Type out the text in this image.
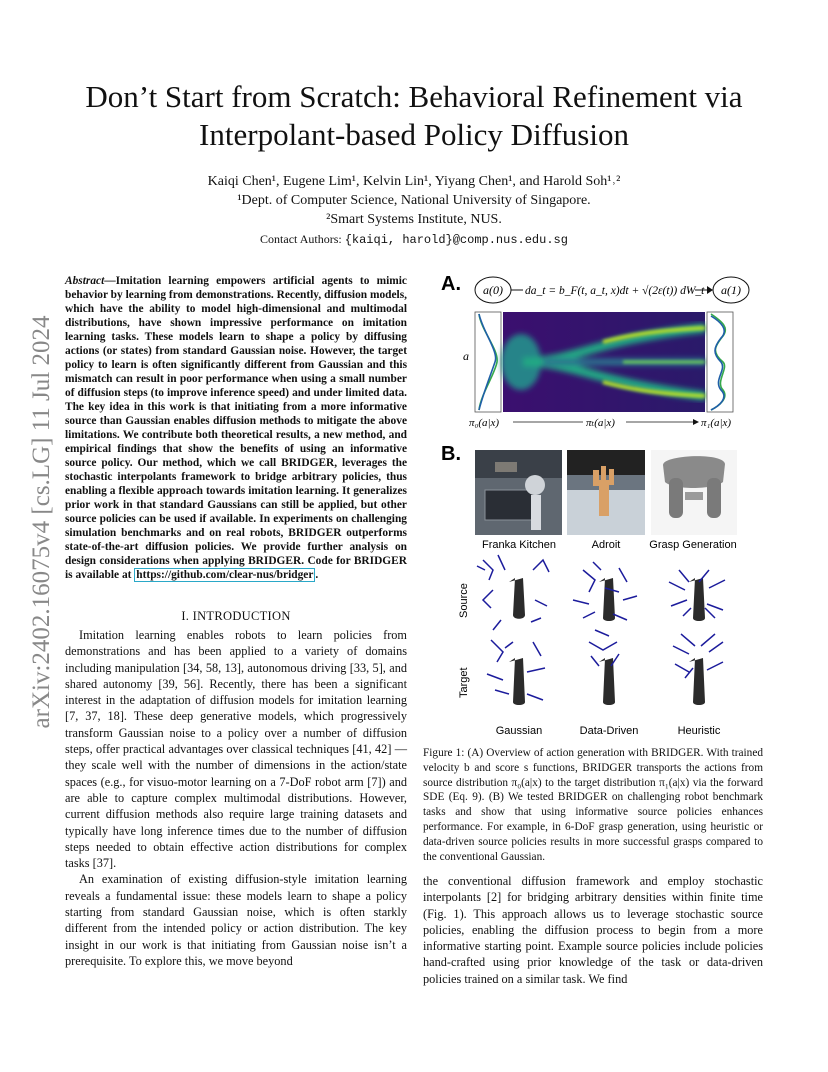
Don’t Start from Scratch: Behavioral Refinement via Interpolant-based Policy Diffusion
Kaiqi Chen¹, Eugene Lim¹, Kelvin Lin¹, Yiyang Chen¹, and Harold Soh¹˒²
¹Dept. of Computer Science, National University of Singapore.
²Smart Systems Institute, NUS.
Contact Authors: {kaiqi, harold}@comp.nus.edu.sg
arXiv:2402.16075v4 [cs.LG] 11 Jul 2024
Abstract—Imitation learning empowers artificial agents to mimic behavior by learning from demonstrations. Recently, diffusion models, which have the ability to model high-dimensional and multimodal distributions, have shown impressive performance on imitation learning tasks. These models learn to shape a policy by diffusing actions (or states) from standard Gaussian noise. However, the target policy to learn is often significantly different from Gaussian and this mismatch can result in poor performance when using a small number of diffusion steps (to improve inference speed) and under limited data. The key idea in this work is that initiating from a more informative source than Gaussian enables diffusion methods to mitigate the above limitations. We contribute both theoretical results, a new method, and empirical findings that show the benefits of using an informative source policy. Our method, which we call BRIDGER, leverages the stochastic interpolants framework to bridge arbitrary policies, thus enabling a flexible approach towards imitation learning. It generalizes prior work in that standard Gaussians can still be applied, but other source policies can be used if available. In experiments on challenging simulation benchmarks and on real robots, BRIDGER outperforms state-of-the-art diffusion policies. We provide further analysis on design considerations when applying BRIDGER. Code for BRIDGER is available at https://github.com/clear-nus/bridger .
I. INTRODUCTION

Imitation learning enables robots to learn policies from demonstrations and has been applied to a variety of domains including manipulation [34, 58, 13], autonomous driving [33, 5], and shared autonomy [39, 56]. Recently, there has been a significant interest in the adaptation of diffusion models for imitation learning [7, 37, 18]. These deep generative models, which progressively transform Gaussian noise to a policy over a number of diffusion steps, offer practical advantages over classical techniques [41, 42] — they scale well with the number of dimensions in the action/state spaces (e.g., for visuo-motor learning on a 7-DoF robot arm [7]) and are able to capture complex multimodal distributions. However, current diffusion methods also require large training datasets and typically have long inference times due to the number of diffusion steps needed to obtain effective action distributions for complex tasks [37].

An examination of existing diffusion-style imitation learning reveals a fundamental issue: these models learn to shape a policy starting from standard Gaussian noise, which is often starkly different from the intended policy or action distribution. The key insight in our work is that initiating from Gaussian noise isn’t a prerequisite. To explore this, we move beyond

A. a(0) da_t = b_F(t, a_t, x)dt + √(2ε(t)) dW_t a(1)
a
π₀(a|x)	πₜ(a|x)	π₁(a|x)
B.
Franka Kitchen	Adroit	Grasp Generation
Source
Target
Gaussian	Data-Driven	Heuristic
Figure 1: (A) Overview of action generation with BRIDGER. With trained velocity b and score s functions, BRIDGER transports the actions from source distribution π₀(a|x) to the target distribution π₁(a|x) via the forward SDE (Eq. 9). (B) We tested BRIDGER on challenging robot benchmark tasks and show that using informative source policies enhances performance. For example, in 6-DoF grasp generation, using heuristic or data-driven source policies results in more successful grasps compared to the conventional Gaussian.

the conventional diffusion framework and employ stochastic interpolants [2] for bridging arbitrary densities within finite time (Fig. 1). This approach allows us to leverage stochastic source policies, enabling the diffusion process to begin from a more informative starting point. Example source policies include policies hand-crafted using prior knowledge of the task or data-driven policies trained on a similar task. We find
